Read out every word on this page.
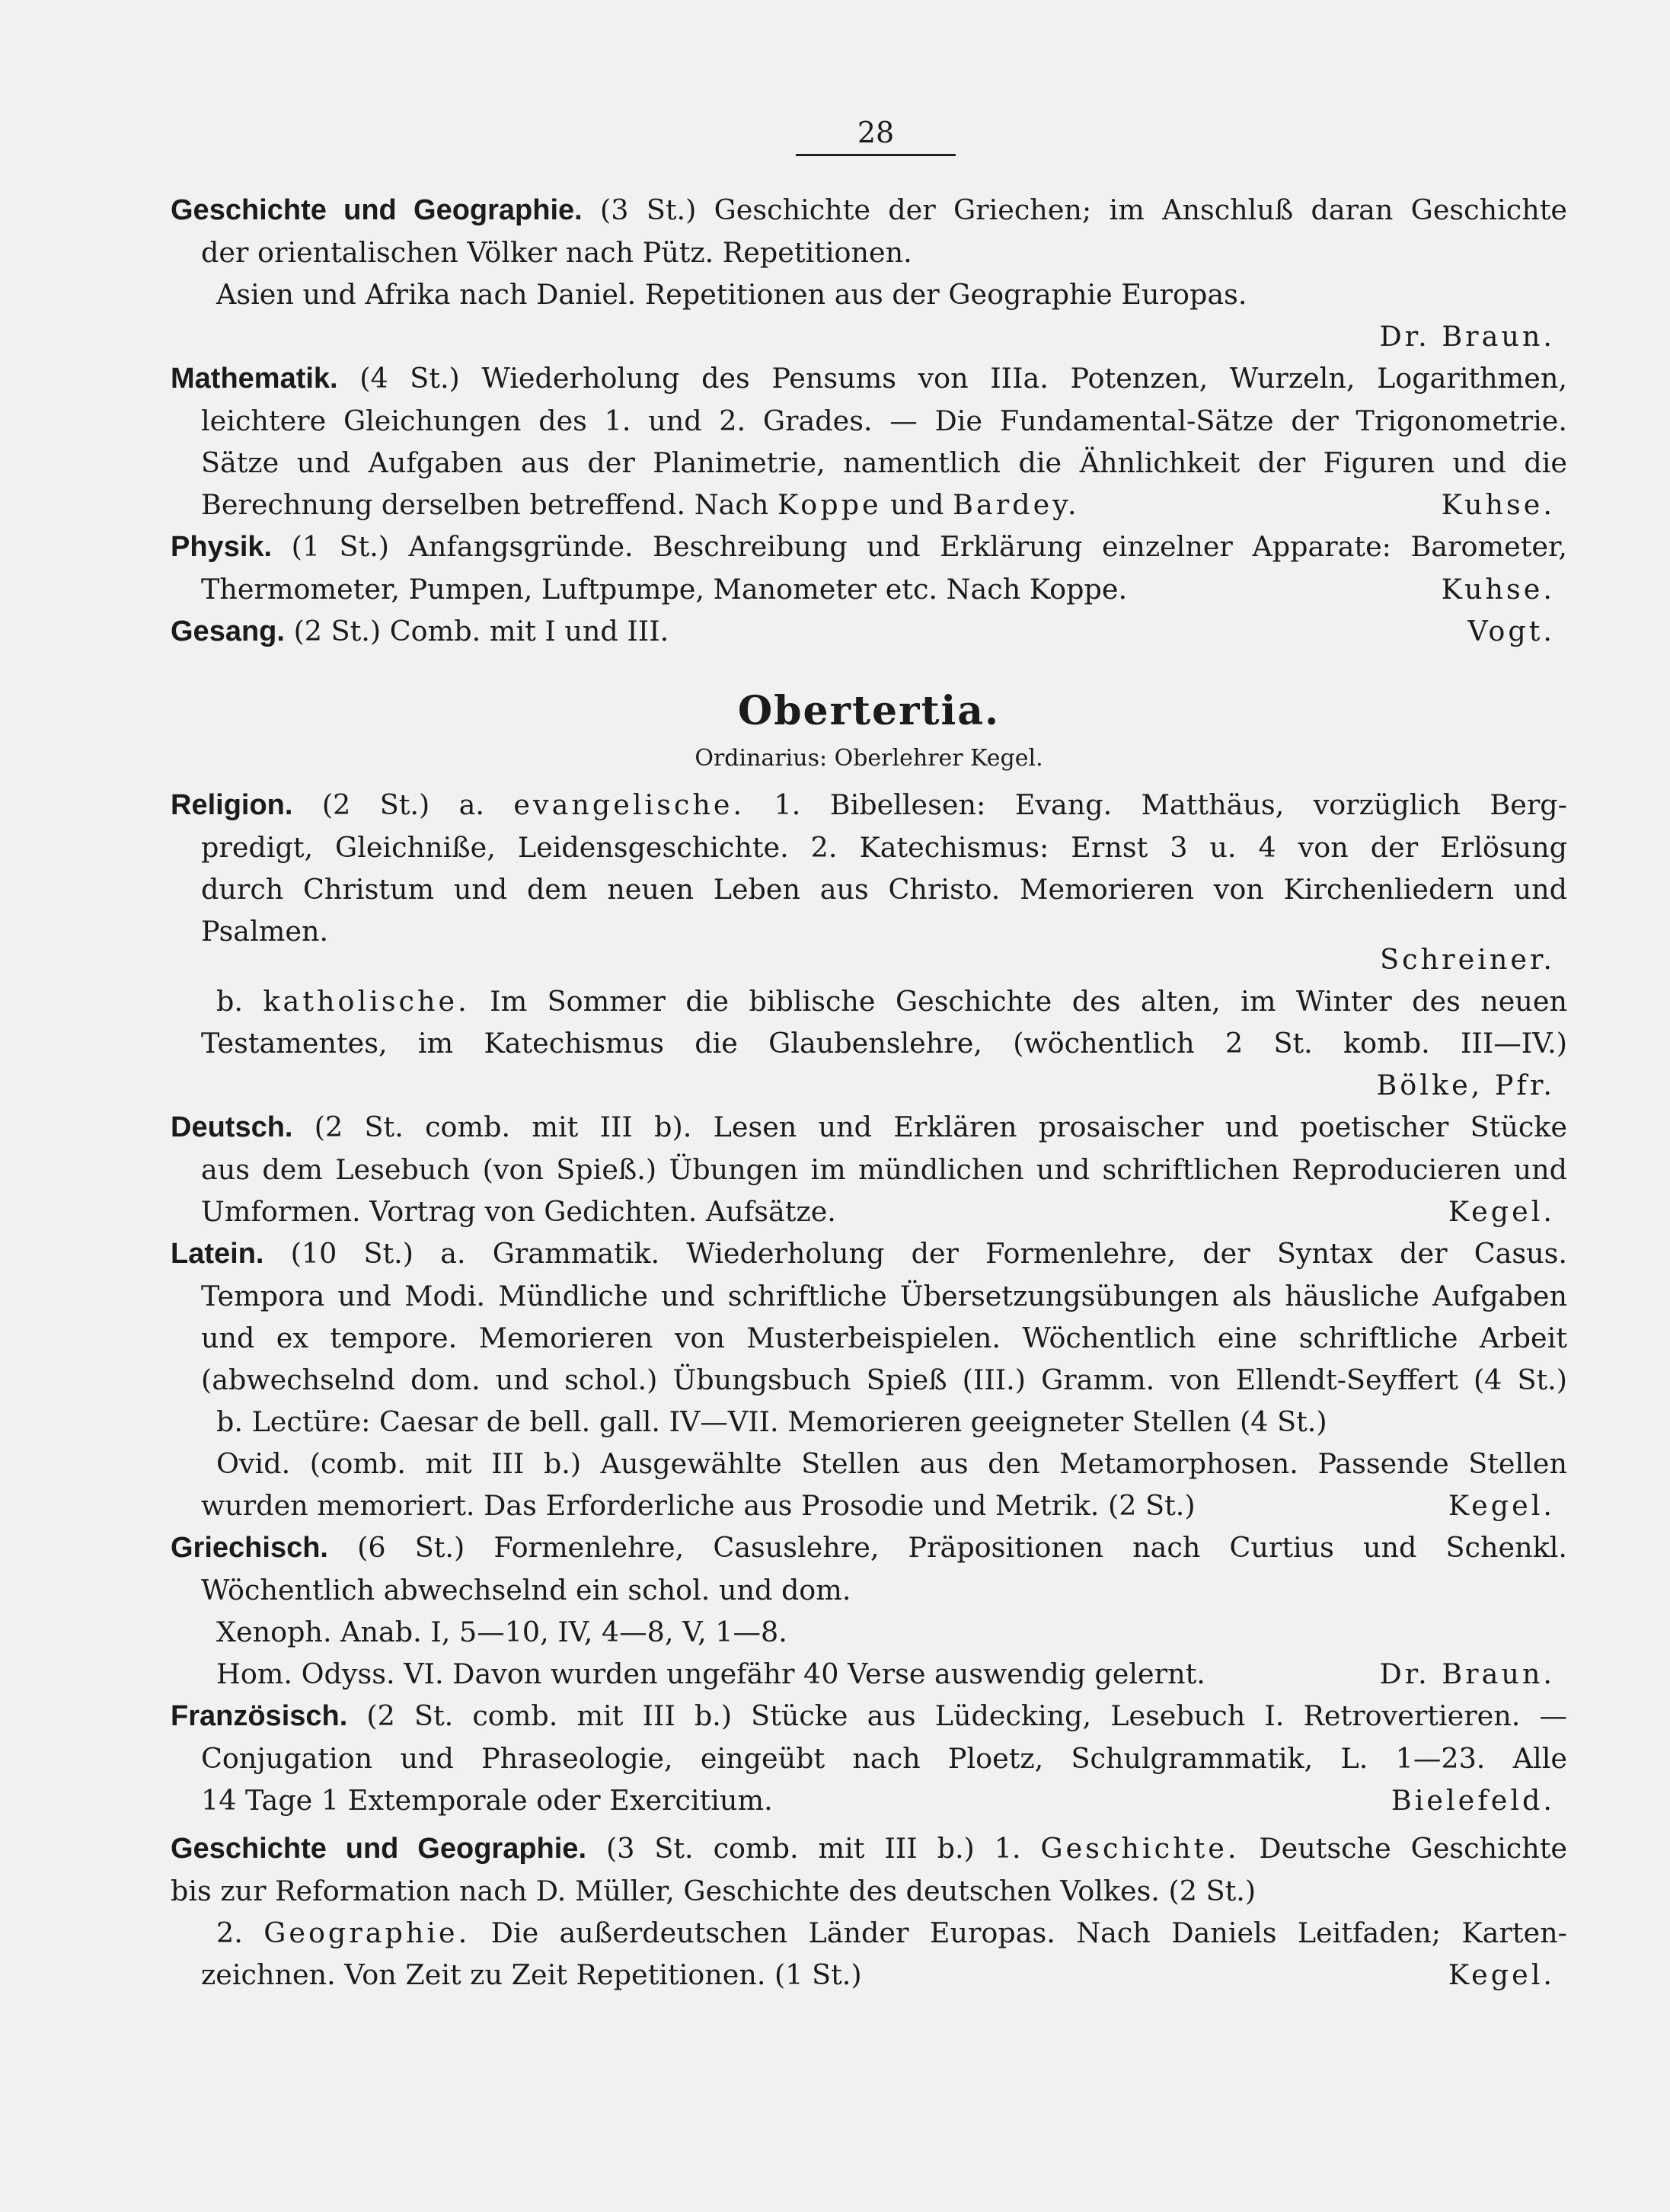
28
Geschichte und Geographie. (3 St.) Geschichte der Griechen; im Anschluß daran Geschichte
der orientalischen Völker nach Pütz. Repetitionen.
Asien und Afrika nach Daniel. Repetitionen aus der Geographie Europas.
Dr. Braun.
Mathematik. (4 St.) Wiederholung des Pensums von IIIa. Potenzen, Wurzeln, Logarithmen,
leichtere Gleichungen des 1. und 2. Grades. — Die Fundamental-Sätze der Trigonometrie.
Sätze und Aufgaben aus der Planimetrie, namentlich die Ähnlichkeit der Figuren und die
Berechnung derselben betreffend. Nach Koppe und Bardey.	Kuhse.
Physik. (1 St.) Anfangsgründe. Beschreibung und Erklärung einzelner Apparate: Barometer,
Thermometer, Pumpen, Luftpumpe, Manometer etc. Nach Koppe.	Kuhse.
Gesang. (2 St.) Comb. mit I und III.	Vogt.
Obertertia.
Ordinarius: Oberlehrer Kegel.
Religion. (2 St.) a. evangelische. 1. Bibellesen: Evang. Matthäus, vorzüglich Berg-
predigt, Gleichniße, Leidensgeschichte. 2. Katechismus: Ernst 3 u. 4 von der Erlösung
durch Christum und dem neuen Leben aus Christo. Memorieren von Kirchenliedern und
Psalmen.
Schreiner.
b. katholische. Im Sommer die biblische Geschichte des alten, im Winter des neuen
Testamentes, im Katechismus die Glaubenslehre, (wöchentlich 2 St. komb. III—IV.)
Bölke, Pfr.
Deutsch. (2 St. comb. mit III b). Lesen und Erklären prosaischer und poetischer Stücke
aus dem Lesebuch (von Spieß.) Übungen im mündlichen und schriftlichen Reproducieren und
Umformen. Vortrag von Gedichten. Aufsätze.	Kegel.
Latein. (10 St.) a. Grammatik. Wiederholung der Formenlehre, der Syntax der Casus.
Tempora und Modi. Mündliche und schriftliche Übersetzungsübungen als häusliche Aufgaben
und ex tempore. Memorieren von Musterbeispielen. Wöchentlich eine schriftliche Arbeit
(abwechselnd dom. und schol.) Übungsbuch Spieß (III.) Gramm. von Ellendt-Seyffert (4 St.)
b. Lectüre: Caesar de bell. gall. IV—VII. Memorieren geeigneter Stellen (4 St.)
Ovid. (comb. mit III b.) Ausgewählte Stellen aus den Metamorphosen. Passende Stellen
wurden memoriert. Das Erforderliche aus Prosodie und Metrik. (2 St.)	Kegel.
Griechisch. (6 St.) Formenlehre, Casuslehre, Präpositionen nach Curtius und Schenkl.
Wöchentlich abwechselnd ein schol. und dom.
Xenoph. Anab. I, 5—10, IV, 4—8, V, 1—8.
Hom. Odyss. VI. Davon wurden ungefähr 40 Verse auswendig gelernt.	Dr. Braun.
Französisch. (2 St. comb. mit III b.) Stücke aus Lüdecking, Lesebuch I. Retrovertieren. —
Conjugation und Phraseologie, eingeübt nach Ploetz, Schulgrammatik, L. 1—23. Alle
14 Tage 1 Extemporale oder Exercitium.	Bielefeld.
Geschichte und Geographie. (3 St. comb. mit III b.) 1. Geschichte. Deutsche Geschichte
bis zur Reformation nach D. Müller, Geschichte des deutschen Volkes. (2 St.)
2. Geographie. Die außerdeutschen Länder Europas. Nach Daniels Leitfaden; Karten-
zeichnen. Von Zeit zu Zeit Repetitionen. (1 St.)	Kegel.
